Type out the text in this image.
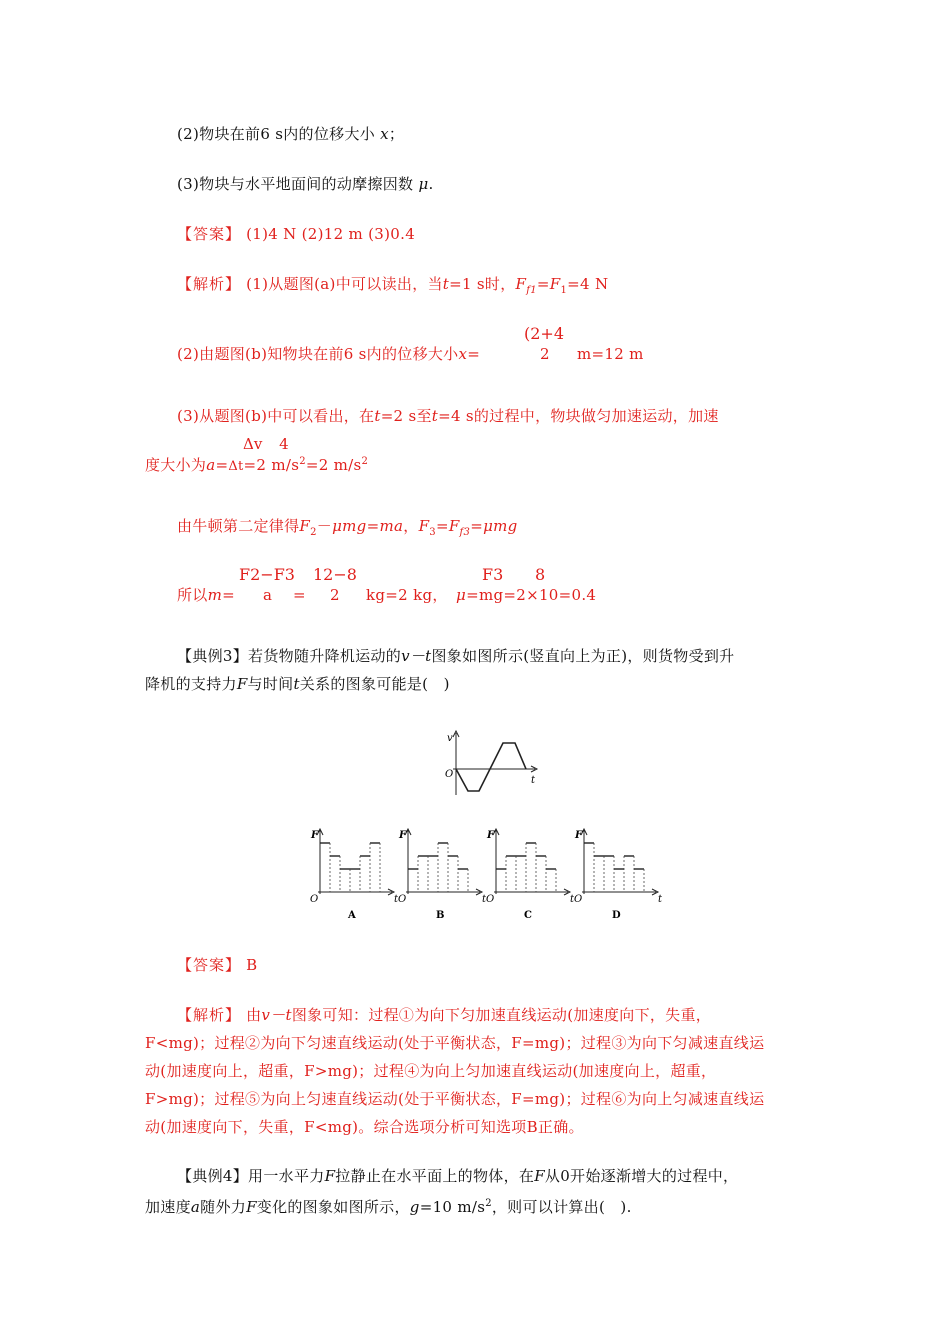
(2)物块在前6 s内的位移大小 x；
(3)物块与水平地面间的动摩擦因数 μ.
【答案】 (1)4 N (2)12 m (3)0.4
【解析】 (1)从题图(a)中可以读出，当t=1 s时，$F_{f1}=F_1=4$ N
(2+4
(2)由题图(b)知物块在前6 s内的位移大小x=	2 m=12 m
(3)从题图(b)中可以看出，在t=2 s至t=4 s的过程中，物块做匀加速运动，加速
Δv 4
度大小为a=Δt=2 $m/s^2=2$ $m/s^2$
由牛顿第二定律得$F_2-\mu mg=ma$，$F_3=F_{f3}=\mu mg$
F2−F3 12−8	F3 8
所以m= a = 2 kg=2 kg， μ=mg=2×10=0.4
【典例3】若货物随升降机运动的v－t图象如图所示(竖直向上为正)，则货物受到升
降机的支持力F与时间t关系的图象可能是(　)
v
t
O
F
t
O
A
F
t
O
B
F
t
O
C
F
t
O
D
【答案】 B
【解析】 由v－t图象可知：过程①为向下匀加速直线运动(加速度向下，失重，
F<mg)；过程②为向下匀速直线运动(处于平衡状态，F=mg)；过程③为向下匀减速直线运
动(加速度向上，超重，F>mg)；过程④为向上匀加速直线运动(加速度向上，超重，
F>mg)；过程⑤为向上匀速直线运动(处于平衡状态，F=mg)；过程⑥为向上匀减速直线运
动(加速度向下，失重，F<mg)。综合选项分析可知选项B正确。
【典例4】用一水平力F拉静止在水平面上的物体，在F从0开始逐渐增大的过程中，
加速度a随外力F变化的图象如图所示，g=10 $m/s^2$，则可以计算出(　).
